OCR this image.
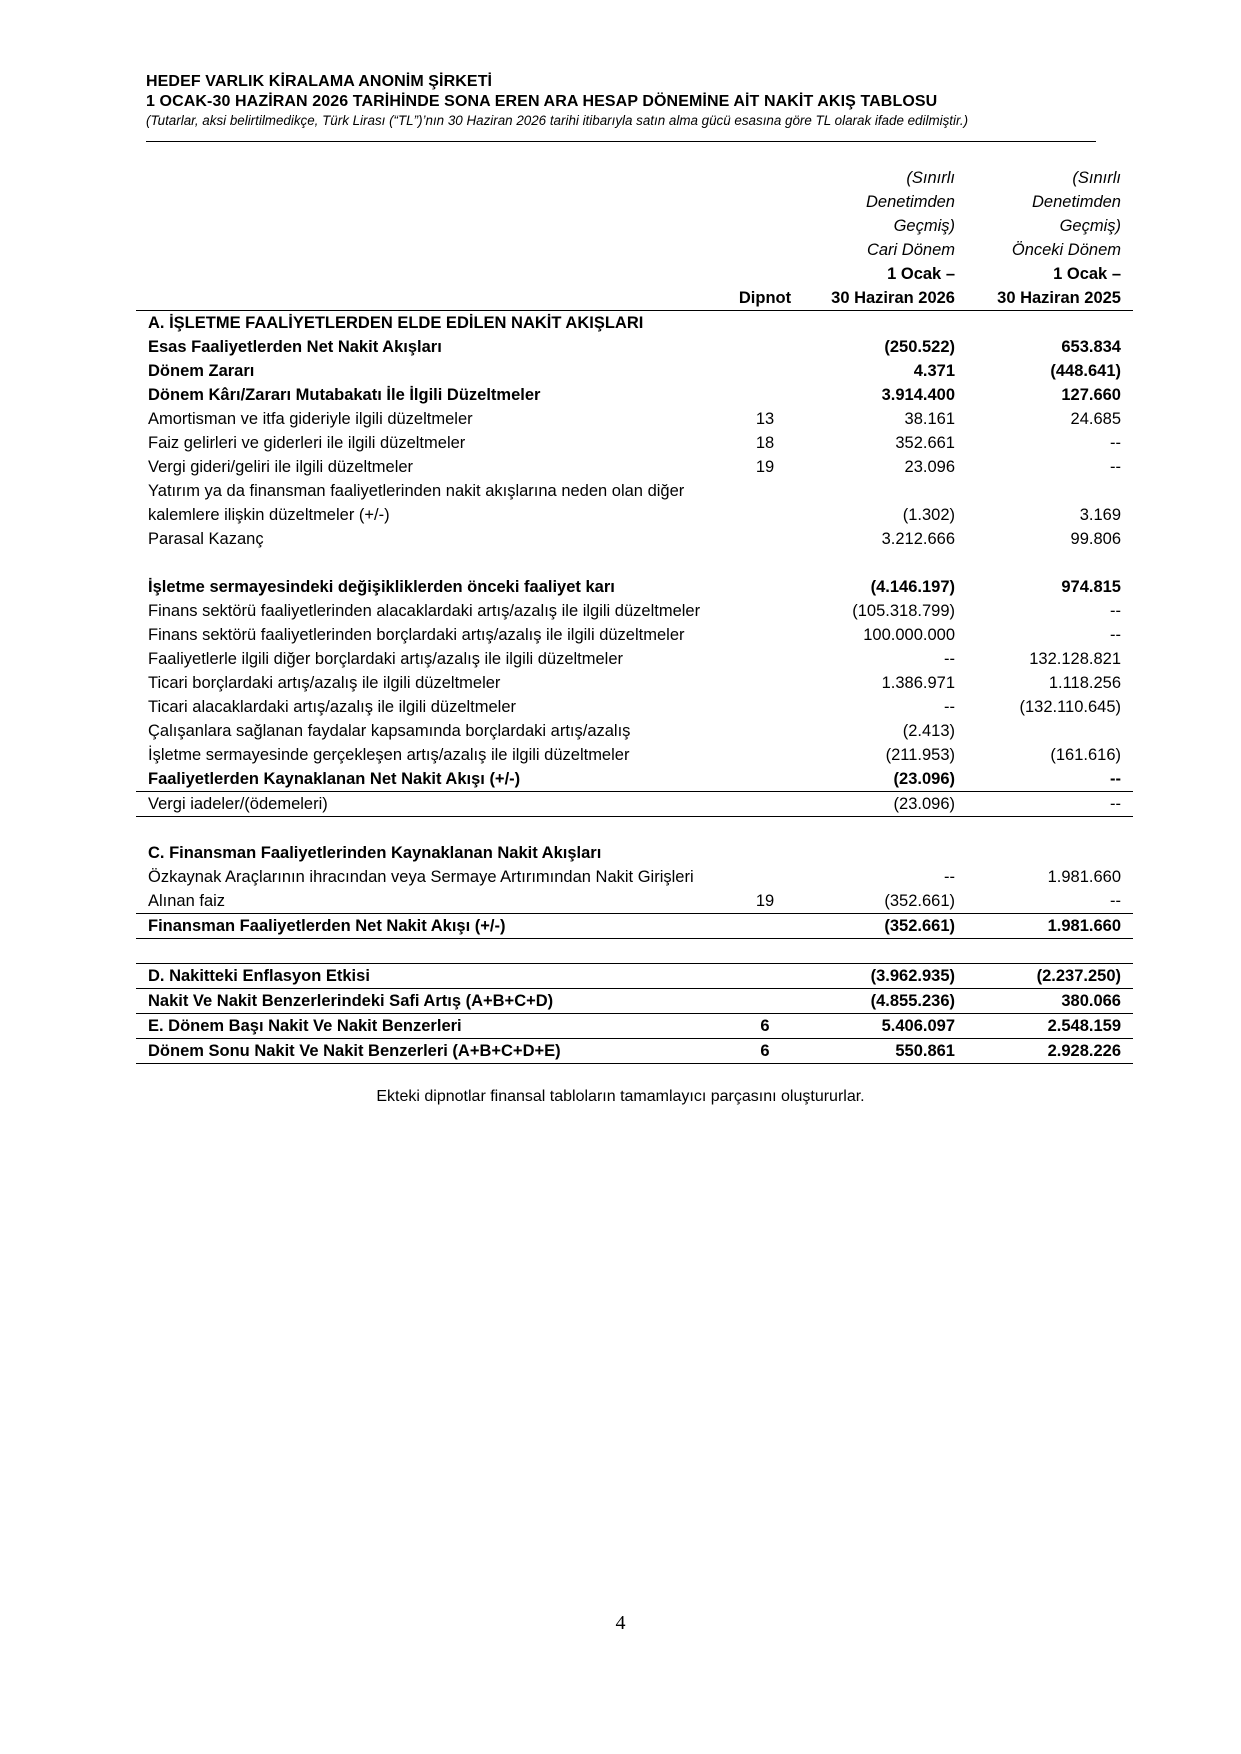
HEDEF VARLIK KİRALAMA ANONİM ŞİRKETİ
1 OCAK-30 HAZİRAN 2026 TARİHİNDE SONA EREN ARA HESAP DÖNEMİNE AİT NAKİT AKIŞ TABLOSU
(Tutarlar, aksi belirtilmedikçe, Türk Lirası (“TL”)’nın 30 Haziran 2026 tarihi itibarıyla satın alma gücü esasına göre TL olarak ifade edilmiştir.)
		(Sınırlı	(Sınırlı
		Denetimden	Denetimden
		Geçmiş)	Geçmiş)
		Cari Dönem	Önceki Dönem
		1 Ocak –	1 Ocak –
	Dipnot	30 Haziran 2026	30 Haziran 2025
A. İŞLETME FAALİYETLERDEN ELDE EDİLEN NAKİT AKIŞLARI			
Esas Faaliyetlerden Net Nakit Akışları		(250.522)	653.834
Dönem Zararı		4.371	(448.641)
Dönem Kârı/Zararı Mutabakatı İle İlgili Düzeltmeler		3.914.400	127.660
Amortisman ve itfa gideriyle ilgili düzeltmeler	13	38.161	24.685
Faiz gelirleri ve giderleri ile ilgili düzeltmeler	18	352.661	--
Vergi gideri/geliri ile ilgili düzeltmeler	19	23.096	--
Yatırım ya da finansman faaliyetlerinden nakit akışlarına neden olan diğer			
kalemlere ilişkin düzeltmeler (+/-)		(1.302)	3.169
Parasal Kazanç		3.212.666	99.806

İşletme sermayesindeki değişikliklerden önceki faaliyet karı		(4.146.197)	974.815
Finans sektörü faaliyetlerinden alacaklardaki artış/azalış ile ilgili düzeltmeler		(105.318.799)	--
Finans sektörü faaliyetlerinden borçlardaki artış/azalış ile ilgili düzeltmeler		100.000.000	--
Faaliyetlerle ilgili diğer borçlardaki artış/azalış ile ilgili düzeltmeler		--	132.128.821
Ticari borçlardaki artış/azalış ile ilgili düzeltmeler		1.386.971	1.118.256
Ticari alacaklardaki artış/azalış ile ilgili düzeltmeler		--	(132.110.645)
Çalışanlara sağlanan faydalar kapsamında borçlardaki artış/azalış		(2.413)	
İşletme sermayesinde gerçekleşen artış/azalış ile ilgili düzeltmeler		(211.953)	(161.616)
Faaliyetlerden Kaynaklanan Net Nakit Akışı (+/-)		(23.096)	--
Vergi iadeler/(ödemeleri)		(23.096)	--

C. Finansman Faaliyetlerinden Kaynaklanan Nakit Akışları			
Özkaynak Araçlarının ihracından veya Sermaye Artırımından Nakit Girişleri		--	1.981.660
Alınan faiz	19	(352.661)	--
Finansman Faaliyetlerden Net Nakit Akışı (+/-)		(352.661)	1.981.660

D. Nakitteki Enflasyon Etkisi		(3.962.935)	(2.237.250)
Nakit Ve Nakit Benzerlerindeki Safi Artış (A+B+C+D)		(4.855.236)	380.066
E. Dönem Başı Nakit Ve Nakit Benzerleri	6	5.406.097	2.548.159
Dönem Sonu Nakit Ve Nakit Benzerleri (A+B+C+D+E)	6	550.861	2.928.226
Ekteki dipnotlar finansal tabloların tamamlayıcı parçasını oluştururlar.
4
